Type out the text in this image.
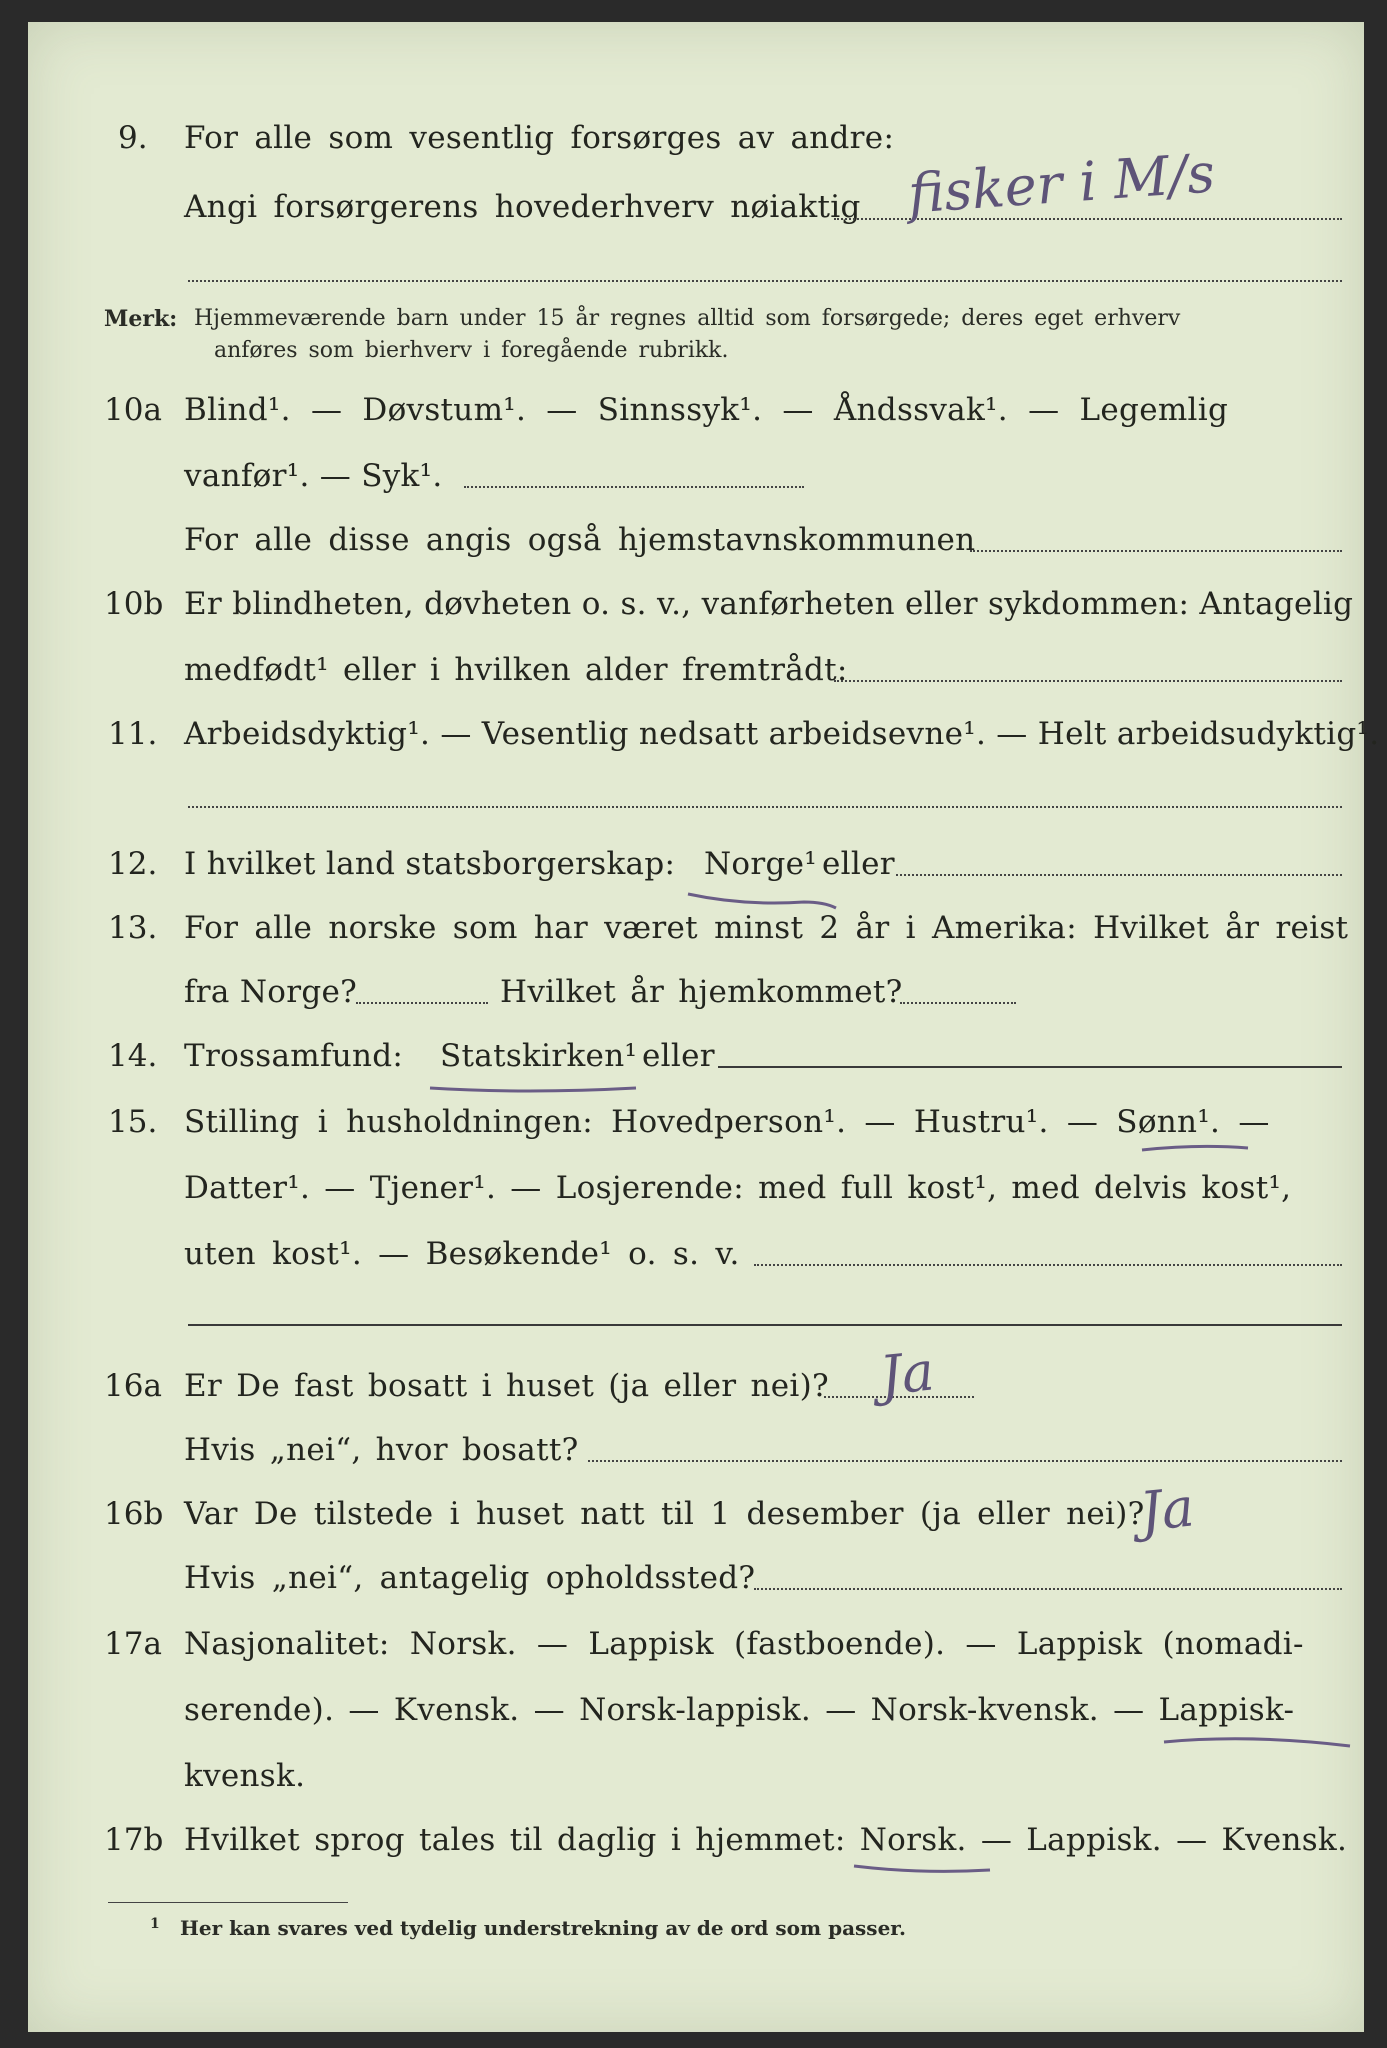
9. For alle som vesentlig forsørges av andre:
Angi forsørgerens hovederhverv nøiaktig fisker i M/s
Merk: Hjemmeværende barn under 15 år regnes alltid som forsørgede; deres eget erhverv
anføres som bierhverv i foregående rubrikk.
10a Blind¹. — Døvstum¹. — Sinnssyk¹. — Åndssvak¹. — Legemlig
vanfør¹. — Syk¹.
For alle disse angis også hjemstavnskommunen
10b Er blindheten, døvheten o. s. v., vanførheten eller sykdommen: Antagelig
medfødt¹ eller i hvilken alder fremtrådt:
11. Arbeidsdyktig¹. — Vesentlig nedsatt arbeidsevne¹. — Helt arbeidsudyktig¹.
12. I hvilket land statsborgerskap: Norge¹ eller
13. For alle norske som har været minst 2 år i Amerika: Hvilket år reist
fra Norge?	Hvilket år hjemkommet?
14. Trossamfund: Statskirken¹ eller
15. Stilling i husholdningen: Hovedperson¹. — Hustru¹. — Sønn¹. —
Datter¹. — Tjener¹. — Losjerende: med full kost¹, med delvis kost¹,
uten kost¹. — Besøkende¹ o. s. v.
16a Er De fast bosatt i huset (ja eller nei)? Ja
Hvis „nei“, hvor bosatt?
16b Var De tilstede i huset natt til 1 desember (ja eller nei)?
Ja
Hvis „nei“, antagelig opholdssted?
17a Nasjonalitet: Norsk. — Lappisk (fastboende). — Lappisk (nomadi-
serende). — Kvensk. — Norsk-lappisk. — Norsk-kvensk. — Lappisk-
kvensk.
17b Hvilket sprog tales til daglig i hjemmet: Norsk. — Lappisk. — Kvensk.
1 Her kan svares ved tydelig understrekning av de ord som passer.
